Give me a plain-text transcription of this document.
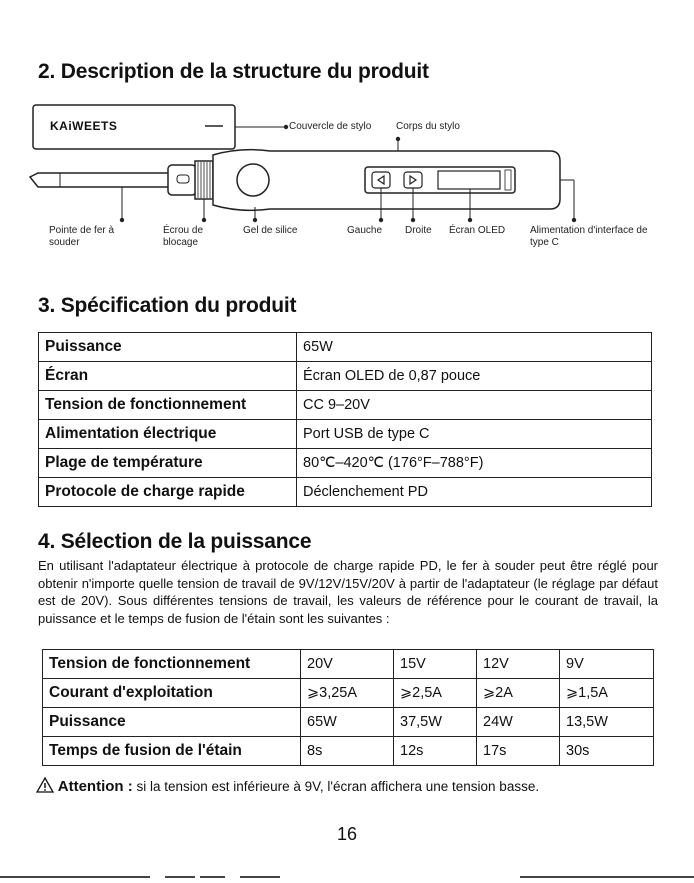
2. Description de la structure du produit
KAiWEETS	Couvercle de stylo Corps du stylo
Pointe de fer à souder
Écrou de blocage
Gel de silice	Gauche Droite Écran OLED Alimentation d'interface de type C
3. Spécification du produit
Puissance	65W
Écran	Écran OLED de 0,87 pouce
Tension de fonctionnement	CC 9–20V
Alimentation électrique	Port USB de type C
Plage de température	80℃–420℃ (176°F–788°F)
Protocole de charge rapide	Déclenchement PD
4. Sélection de la puissance

En utilisant l'adaptateur électrique à protocole de charge rapide PD, le fer à souder peut être réglé pour obtenir n'importe quelle tension de travail de 9V/12V/15V/20V à partir de l'adaptateur (le réglage par défaut est de 20V). Sous différentes tensions de travail, les valeurs de référence pour le courant de travail, la puissance et le temps de fusion de l'étain sont les suivantes :

Tension de fonctionnement	20V	15V	12V	9V
Courant d'exploitation	⩾3,25A	⩾2,5A	⩾2A	⩾1,5A
Puissance	65W	37,5W	24W	13,5W
Temps de fusion de l'étain	8s	12s	17s	30s
Attention : si la tension est inférieure à 9V, l'écran affichera une tension basse.
16
